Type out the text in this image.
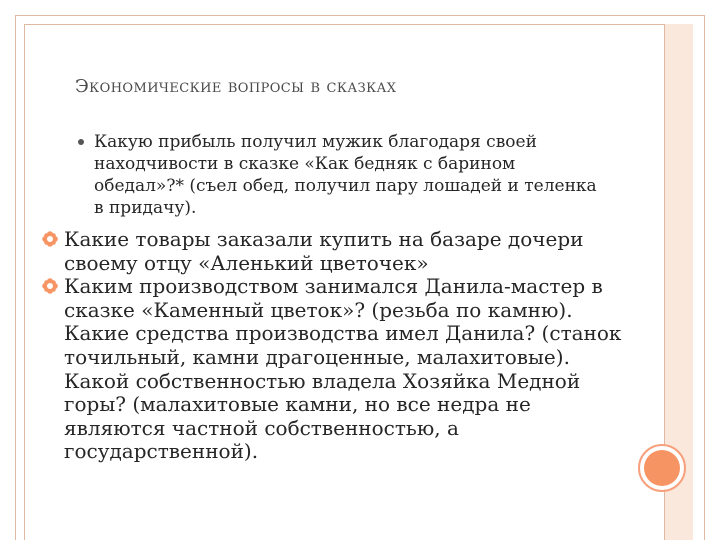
Экономические вопросы в сказках
Какую прибыль получил мужик благодаря своей находчивости в сказке «Как бедняк с барином обедал»?* (съел обед, получил пару лошадей и теленка в придачу).
Какие товары заказали купить на базаре дочери своему отцу «Аленький цветочек»
Каким производством занимался Данила-мастер в сказке «Каменный цветок»? (резьба по камню). Какие средства производства имел Данила? (станок точильный, камни драгоценные, малахитовые). Какой собственностью владела Хозяйка Медной горы? (малахитовые камни, но все недра не являются частной собственностью, а государственной).
